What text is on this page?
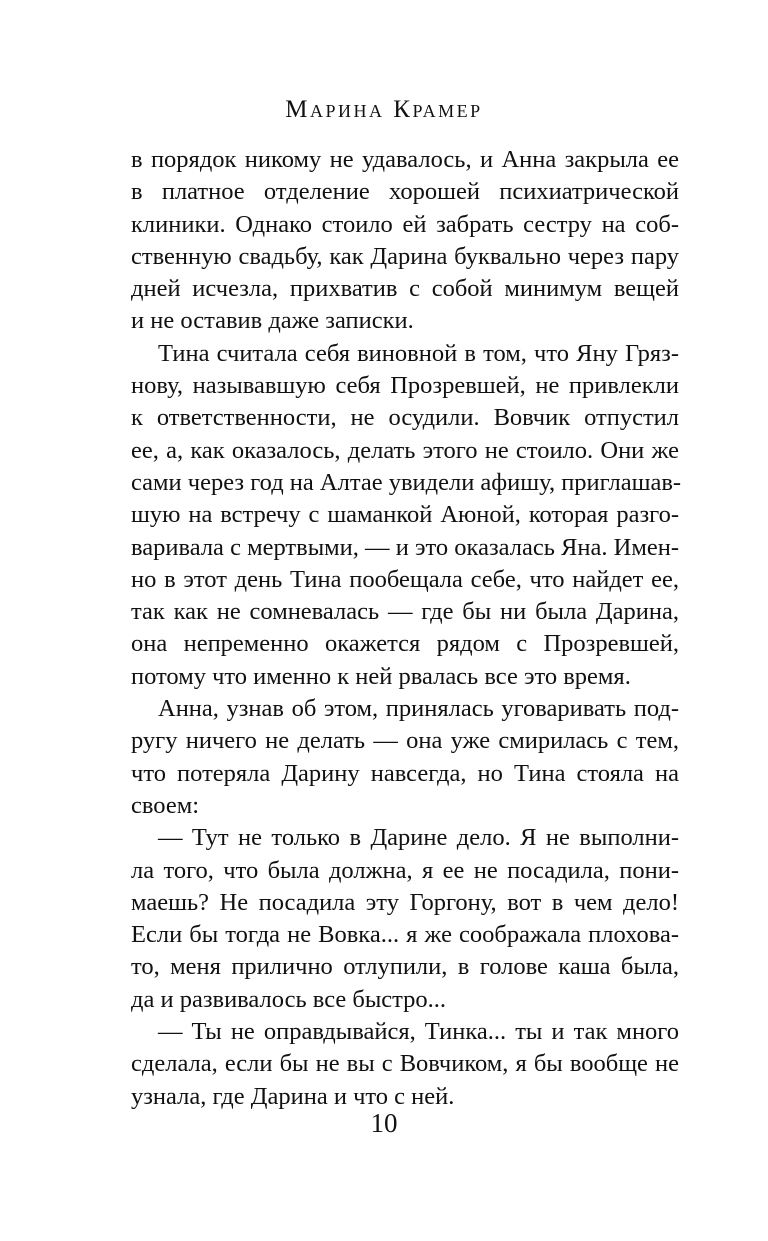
Марина Крамер
в порядок никому не удавалось, и Анна закрыла ее
в платное отделение хорошей психиатрической
клиники. Однако стоило ей забрать сестру на соб-
ственную свадьбу, как Дарина буквально через пару
дней исчезла, прихватив с собой минимум вещей
и не оставив даже записки.
Тина считала себя виновной в том, что Яну Гряз-
нову, называвшую себя Прозревшей, не привлекли
к ответственности, не осудили. Вовчик отпустил
ее, а, как оказалось, делать этого не стоило. Они же
сами через год на Алтае увидели афишу, приглашав-
шую на встречу с шаманкой Аюной, которая разго-
варивала с мертвыми, — и это оказалась Яна. Имен-
но в этот день Тина пообещала себе, что найдет ее,
так как не сомневалась — где бы ни была Дарина,
она непременно окажется рядом с Прозревшей,
потому что именно к ней рвалась все это время.
Анна, узнав об этом, принялась уговаривать под-
ругу ничего не делать — она уже смирилась с тем,
что потеряла Дарину навсегда, но Тина стояла на
своем:
— Тут не только в Дарине дело. Я не выполни-
ла того, что была должна, я ее не посадила, пони-
маешь? Не посадила эту Горгону, вот в чем дело!
Если бы тогда не Вовка... я же соображала плохова-
то, меня прилично отлупили, в голове каша была,
да и развивалось все быстро...
— Ты не оправдывайся, Тинка... ты и так много
сделала, если бы не вы с Вовчиком, я бы вообще не
узнала, где Дарина и что с ней.
10
